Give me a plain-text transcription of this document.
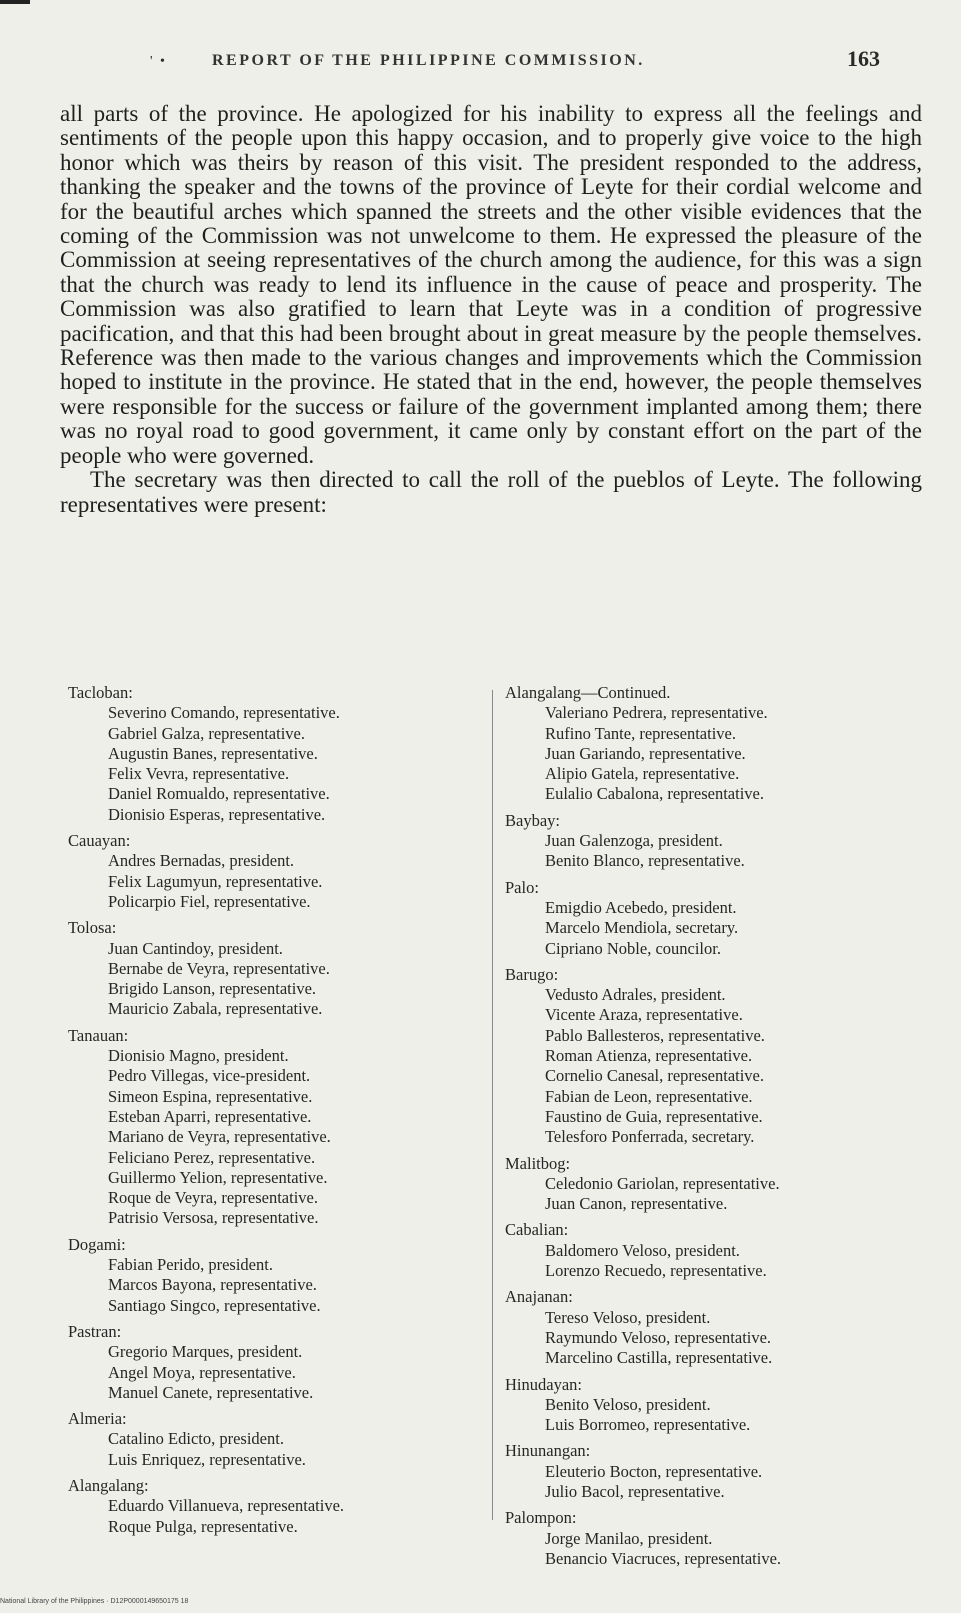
' •	REPORT OF THE PHILIPPINE COMMISSION.	163

all parts of the province. He apologized for his inability to express all the feelings and sentiments of the people upon this happy occasion, and to properly give voice to the high honor which was theirs by reason of this visit. The president responded to the address, thanking the speaker and the towns of the province of Leyte for their cordial welcome and for the beautiful arches which spanned the streets and the other visible evidences that the coming of the Commission was not unwelcome to them. He expressed the pleasure of the Commission at seeing representatives of the church among the audience, for this was a sign that the church was ready to lend its influence in the cause of peace and prosperity. The Commission was also gratified to learn that Leyte was in a condition of progressive pacification, and that this had been brought about in great measure by the people themselves. Reference was then made to the various changes and improvements which the Commission hoped to institute in the province. He stated that in the end, however, the people themselves were responsible for the success or failure of the government implanted among them; there was no royal road to good government, it came only by constant effort on the part of the people who were governed.

The secretary was then directed to call the roll of the pueblos of Leyte. The following representatives were present:

Tacloban:
Severino Comando, representative.
Gabriel Galza, representative.
Augustin Banes, representative.
Felix Vevra, representative.
Daniel Romualdo, representative.
Dionisio Esperas, representative.
Cauayan:
Andres Bernadas, president.
Felix Lagumyun, representative.
Policarpio Fiel, representative.
Tolosa:
Juan Cantindoy, president.
Bernabe de Veyra, representative.
Brigido Lanson, representative.
Mauricio Zabala, representative.
Tanauan:
Dionisio Magno, president.
Pedro Villegas, vice-president.
Simeon Espina, representative.
Esteban Aparri, representative.
Mariano de Veyra, representative.
Feliciano Perez, representative.
Guillermo Yelion, representative.
Roque de Veyra, representative.
Patrisio Versosa, representative.
Dogami:
Fabian Perido, president.
Marcos Bayona, representative.
Santiago Singco, representative.
Pastran:
Gregorio Marques, president.
Angel Moya, representative.
Manuel Canete, representative.
Almeria:
Catalino Edicto, president.
Luis Enriquez, representative.
Alangalang:
Eduardo Villanueva, representative.
Roque Pulga, representative.
Alangalang—Continued.
Valeriano Pedrera, representative.
Rufino Tante, representative.
Juan Gariando, representative.
Alipio Gatela, representative.
Eulalio Cabalona, representative.
Baybay:
Juan Galenzoga, president.
Benito Blanco, representative.
Palo:
Emigdio Acebedo, president.
Marcelo Mendiola, secretary.
Cipriano Noble, councilor.
Barugo:
Vedusto Adrales, president.
Vicente Araza, representative.
Pablo Ballesteros, representative.
Roman Atienza, representative.
Cornelio Canesal, representative.
Fabian de Leon, representative.
Faustino de Guia, representative.
Telesforo Ponferrada, secretary.
Malitbog:
Celedonio Gariolan, representative.
Juan Canon, representative.
Cabalian:
Baldomero Veloso, president.
Lorenzo Recuedo, representative.
Anajanan:
Tereso Veloso, president.
Raymundo Veloso, representative.
Marcelino Castilla, representative.
Hinudayan:
Benito Veloso, president.
Luis Borromeo, representative.
Hinunangan:
Eleuterio Bocton, representative.
Julio Bacol, representative.
Palompon:
Jorge Manilao, president.
Benancio Viacruces, representative.
National Library of the Philippines · D12P0000149650175 18
